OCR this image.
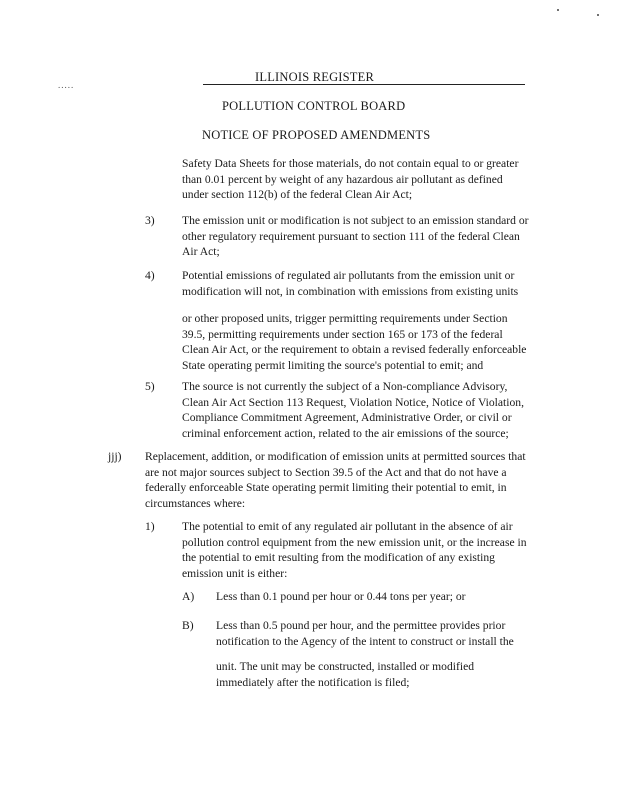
.....
ILLINOIS REGISTER
POLLUTION CONTROL BOARD
NOTICE OF PROPOSED AMENDMENTS
Safety Data Sheets for those materials, do not contain equal to or greater
than 0.01 percent by weight of any hazardous air pollutant as defined
under section 112(b) of the federal Clean Air Act;
3) The emission unit or modification is not subject to an emission standard or
other regulatory requirement pursuant to section 111 of the federal Clean
Air Act;
4) Potential emissions of regulated air pollutants from the emission unit or
modification will not, in combination with emissions from existing units
or other proposed units, trigger permitting requirements under Section
39.5, permitting requirements under section 165 or 173 of the federal
Clean Air Act, or the requirement to obtain a revised federally enforceable
State operating permit limiting the source's potential to emit; and
5) The source is not currently the subject of a Non-compliance Advisory,
Clean Air Act Section 113 Request, Violation Notice, Notice of Violation,
Compliance Commitment Agreement, Administrative Order, or civil or
criminal enforcement action, related to the air emissions of the source;
jjj) Replacement, addition, or modification of emission units at permitted sources that
are not major sources subject to Section 39.5 of the Act and that do not have a
federally enforceable State operating permit limiting their potential to emit, in
circumstances where:
1) The potential to emit of any regulated air pollutant in the absence of air
pollution control equipment from the new emission unit, or the increase in
the potential to emit resulting from the modification of any existing
emission unit is either:
A) Less than 0.1 pound per hour or 0.44 tons per year; or
B) Less than 0.5 pound per hour, and the permittee provides prior
notification to the Agency of the intent to construct or install the
unit. The unit may be constructed, installed or modified
immediately after the notification is filed;
